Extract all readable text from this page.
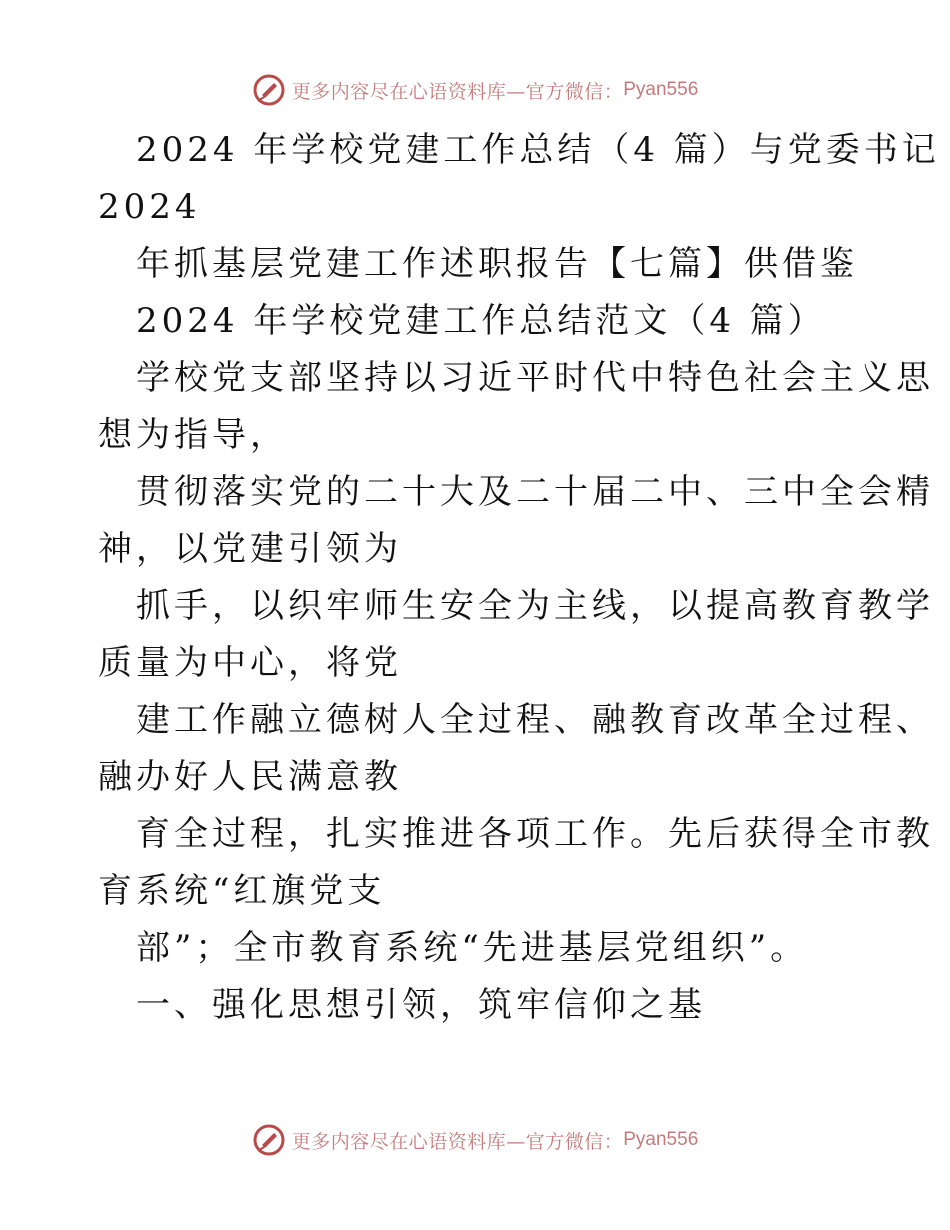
更多内容尽在心语资料库—官方微信： Pyan556
2024 年学校党建工作总结（4 篇）与党委书记
2024
年抓基层党建工作述职报告【七篇】供借鉴
2024 年学校党建工作总结范文（4 篇）
学校党支部坚持以习近平时代中特色社会主义思
想为指导，
贯彻落实党的二十大及二十届二中、三中全会精
神，以党建引领为
抓手，以织牢师生安全为主线，以提高教育教学
质量为中心，将党
建工作融立德树人全过程、融教育改革全过程、
融办好人民满意教
育全过程，扎实推进各项工作。先后获得全市教
育系统“红旗党支
部”；全市教育系统“先进基层党组织”。
一、强化思想引领，筑牢信仰之基
更多内容尽在心语资料库—官方微信： Pyan556
